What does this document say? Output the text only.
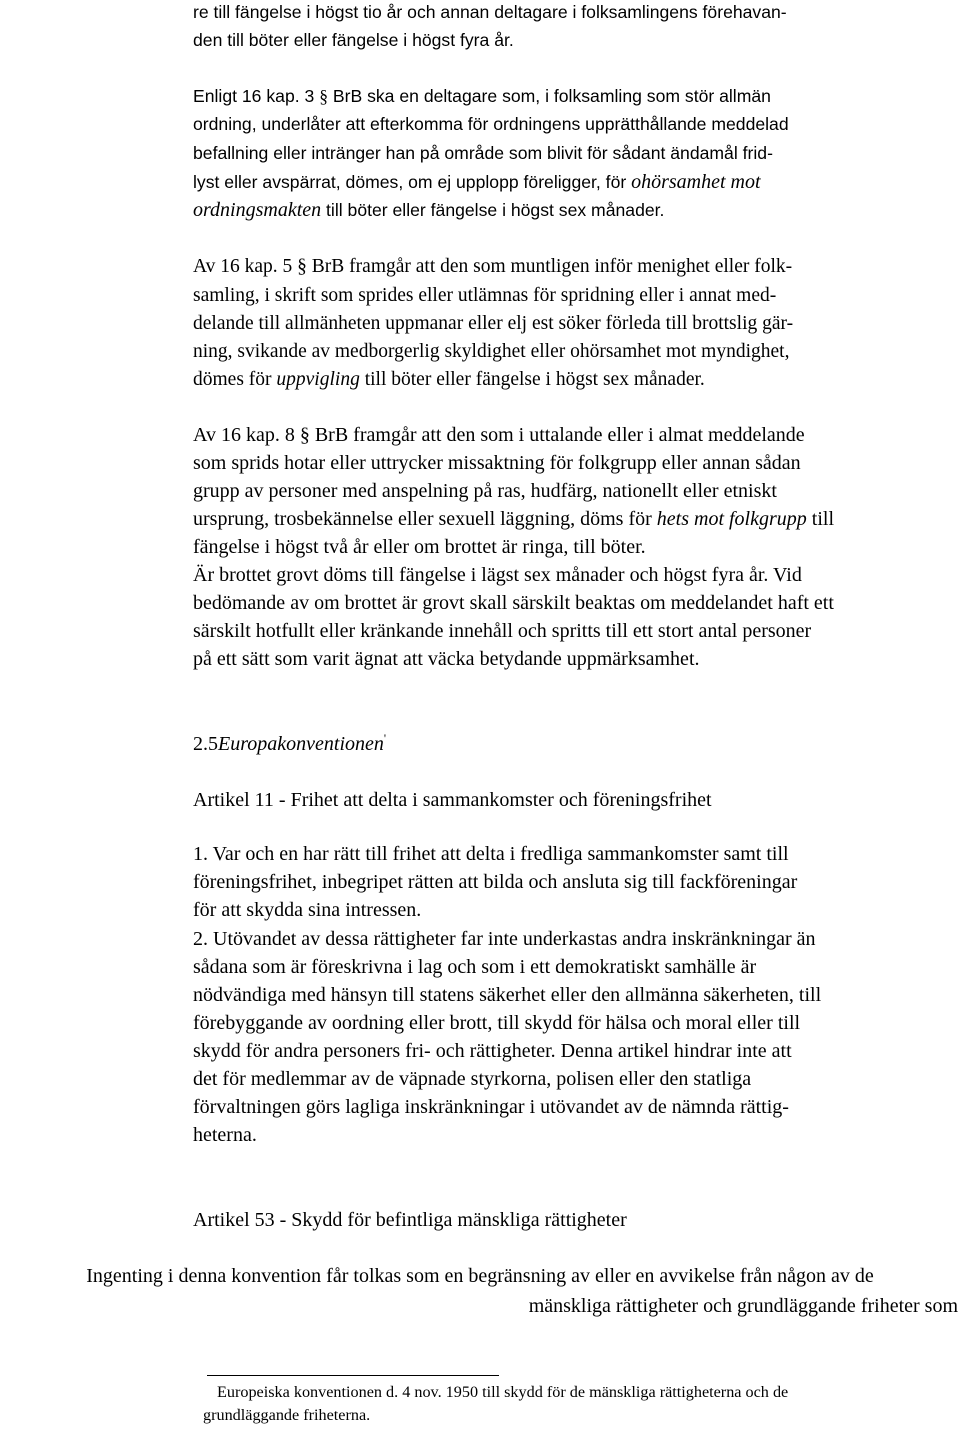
re till fängelse i högst tio år och annan deltagare i folksamlingens förehavan-
den till böter eller fängelse i högst fyra år.
Enligt 16 kap. 3 § BrB ska en deltagare som, i folksamling som stör allmän
ordning, underlåter att efterkomma för ordningens upprätthållande meddelad
befallning eller intränger han på område som blivit för sådant ändamål frid-
lyst eller avspärrat, dömes, om ej upplopp föreligger, för ohörsamhet mot
ordningsmakten till böter eller fängelse i högst sex månader.
Av 16 kap. 5 § BrB framgår att den som muntligen inför menighet eller folk-
samling, i skrift som sprides eller utlämnas för spridning eller i annat med-
delande till allmänheten uppmanar eller elj est söker förleda till brottslig gär-
ning, svikande av medborgerlig skyldighet eller ohörsamhet mot myndighet,
dömes för uppvigling till böter eller fängelse i högst sex månader.
Av 16 kap. 8 § BrB framgår att den som i uttalande eller i almat meddelande
som sprids hotar eller uttrycker missaktning för folkgrupp eller annan sådan
grupp av personer med anspelning på ras, hudfärg, nationellt eller etniskt
ursprung, trosbekännelse eller sexuell läggning, döms för hets mot folkgrupp till
fängelse i högst två år eller om brottet är ringa, till böter.
Är brottet grovt döms till fängelse i lägst sex månader och högst fyra år. Vid
bedömande av om brottet är grovt skall särskilt beaktas om meddelandet haft ett
särskilt hotfullt eller kränkande innehåll och spritts till ett stort antal personer
på ett sätt som varit ägnat att väcka betydande uppmärksamhet.
2.5Europakonventionen'
Artikel 11 - Frihet att delta i sammankomster och föreningsfrihet
1. Var och en har rätt till frihet att delta i fredliga sammankomster samt till
föreningsfrihet, inbegripet rätten att bilda och ansluta sig till fackföreningar
för att skydda sina intressen.
2. Utövandet av dessa rättigheter far inte underkastas andra inskränkningar än
sådana som är föreskrivna i lag och som i ett demokratiskt samhälle är
nödvändiga med hänsyn till statens säkerhet eller den allmänna säkerheten, till
förebyggande av oordning eller brott, till skydd för hälsa och moral eller till
skydd för andra personers fri- och rättigheter. Denna artikel hindrar inte att
det för medlemmar av de väpnade styrkorna, polisen eller den statliga
förvaltningen görs lagliga inskränkningar i utövandet av de nämnda rättig-
heterna.
Artikel 53 - Skydd för befintliga mänskliga rättigheter
Ingenting i denna konvention får tolkas som en begränsning av eller en avvikelse från någon av de
mänskliga rättigheter och grundläggande friheter som
Europeiska konventionen d. 4 nov. 1950 till skydd för de mänskliga rättigheterna och de
grundläggande friheterna.
